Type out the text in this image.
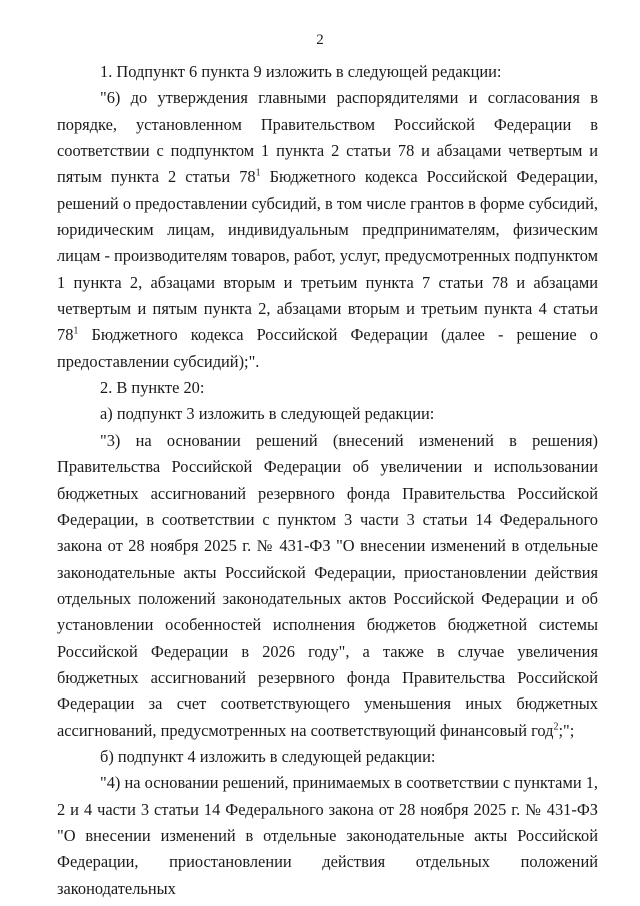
2

1. Подпункт 6 пункта 9 изложить в следующей редакции:

"6) до утверждения главными распорядителями и согласования в порядке, установленном Правительством Российской Федерации в соответствии с подпунктом 1 пункта 2 статьи 78 и абзацами четвертым и пятым пункта 2 статьи $78^1$ Бюджетного кодекса Российской Федерации, решений о предоставлении субсидий, в том числе грантов в форме субсидий, юридическим лицам, индивидуальным предпринимателям, физическим лицам - производителям товаров, работ, услуг, предусмотренных подпунктом 1 пункта 2, абзацами вторым и третьим пункта 7 статьи 78 и абзацами четвертым и пятым пункта 2, абзацами вторым и третьим пункта 4 статьи $78^1$ Бюджетного кодекса Российской Федерации (далее - решение о предоставлении субсидий);".

2. В пункте 20:

а) подпункт 3 изложить в следующей редакции:

"3) на основании решений (внесений изменений в решения) Правительства Российской Федерации об увеличении и использовании бюджетных ассигнований резервного фонда Правительства Российской Федерации, в соответствии с пунктом 3 части 3 статьи 14 Федерального закона от 28 ноября 2025 г. № 431-ФЗ "О внесении изменений в отдельные законодательные акты Российской Федерации, приостановлении действия отдельных положений законодательных актов Российской Федерации и об установлении особенностей исполнения бюджетов бюджетной системы Российской Федерации в 2026 году", а также в случае увеличения бюджетных ассигнований резервного фонда Правительства Российской Федерации за счет соответствующего уменьшения иных бюджетных ассигнований, предусмотренных на соответствующий финансовый год$^2$;";

б) подпункт 4 изложить в следующей редакции:

"4) на основании решений, принимаемых в соответствии с пунктами 1, 2 и 4 части 3 статьи 14 Федерального закона от 28 ноября 2025 г. № 431-ФЗ "О внесении изменений в отдельные законодательные акты Российской Федерации, приостановлении действия отдельных положений законодательных
